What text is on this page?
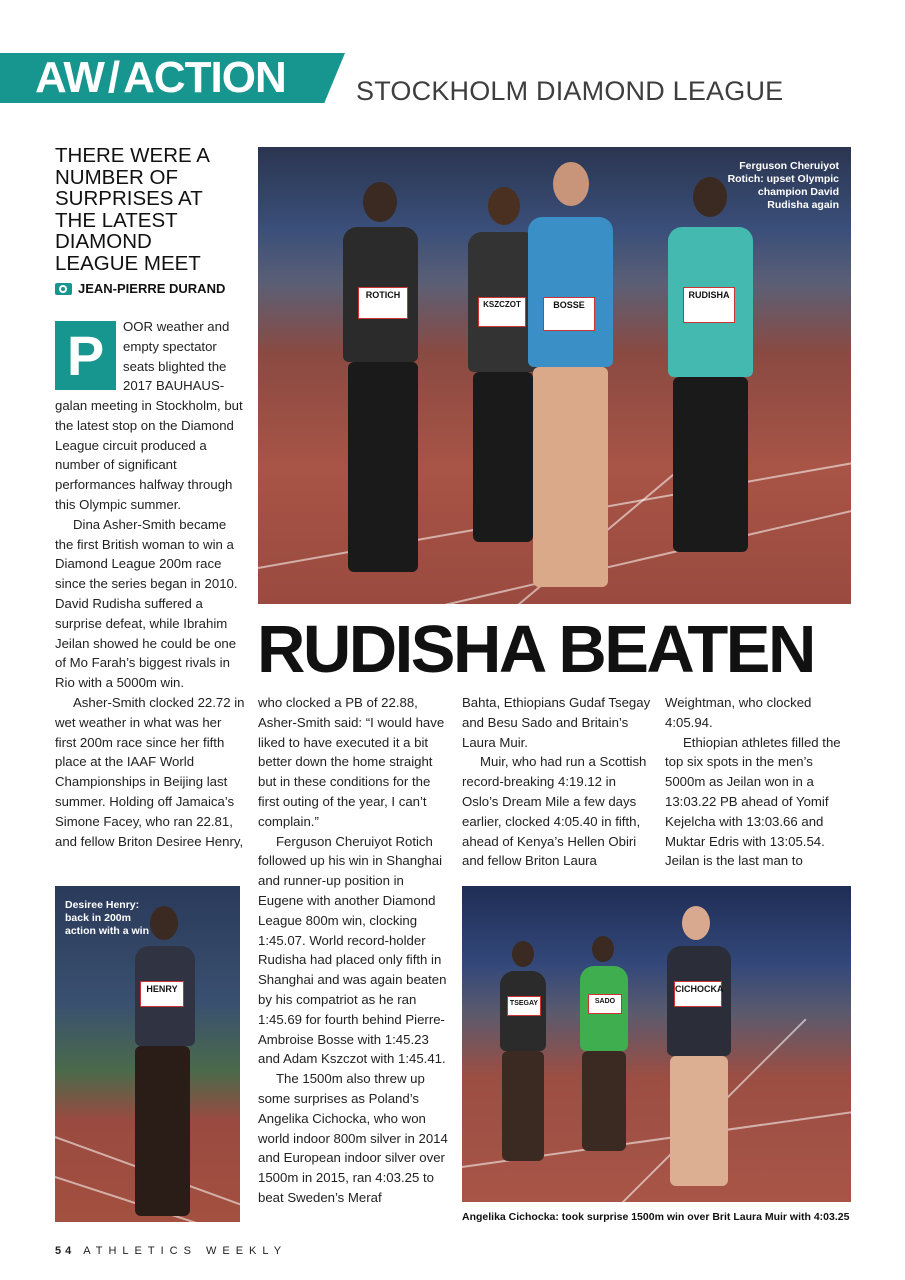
AW/ACTION	STOCKHOLM DIAMOND LEAGUE
THERE WERE A NUMBER OF SURPRISES AT THE LATEST DIAMOND LEAGUE MEET
JEAN-PIERRE DURAND
P	OOR weather and empty spectator seats blighted the 2017 BAUHAUS-

galan meeting in Stockholm, but the latest stop on the Diamond League circuit produced a number of significant performances halfway through this Olympic summer.

Dina Asher-Smith became the first British woman to win a Diamond League 200m race since the series began in 2010. David Rudisha suffered a surprise defeat, while Ibrahim Jeilan showed he could be one of Mo Farah’s biggest rivals in Rio with a 5000m win.

Asher-Smith clocked 22.72 in wet weather in what was her first 200m race since her fifth place at the IAAF World Championships in Beijing last summer. Holding off Jamaica’s Simone Facey, who ran 22.81, and fellow Briton Desiree Henry,

ROTICH
KSZCZOT	BOSSE
RUDISHA
Ferguson Cheruiyot Rotich: upset Olympic champion David Rudisha again
RUDISHA BEATEN

who clocked a PB of 22.88, Asher-Smith said: “I would have liked to have executed it a bit better down the home straight but in these conditions for the first outing of the year, I can’t complain.”

Ferguson Cheruiyot Rotich followed up his win in Shanghai and runner-up position in Eugene with another Diamond League 800m win, clocking 1:45.07. World record-holder Rudisha had placed only fifth in Shanghai and was again beaten by his compatriot as he ran 1:45.69 for fourth behind Pierre-Ambroise Bosse with 1:45.23 and Adam Kszczot with 1:45.41.

The 1500m also threw up some surprises as Poland’s Angelika Cichocka, who won world indoor 800m silver in 2014 and European indoor silver over 1500m in 2015, ran 4:03.25 to beat Sweden’s Meraf

Bahta, Ethiopians Gudaf Tsegay and Besu Sado and Britain’s Laura Muir.

Muir, who had run a Scottish record-breaking 4:19.12 in Oslo’s Dream Mile a few days earlier, clocked 4:05.40 in fifth, ahead of Kenya’s Hellen Obiri and fellow Briton Laura

Weightman, who clocked 4:05.94.

Ethiopian athletes filled the top six spots in the men’s 5000m as Jeilan won in a 13:03.22 PB ahead of Yomif Kejelcha with 13:03.66 and Muktar Edris with 13:05.54. Jeilan is the last man to

HENRY
Desiree Henry: back in 200m action with a win
TSEGAY	SADO
CICHOCKA
Angelika Cichocka: took surprise 1500m win over Brit Laura Muir with 4:03.25
54 ATHLETICS WEEKLY
